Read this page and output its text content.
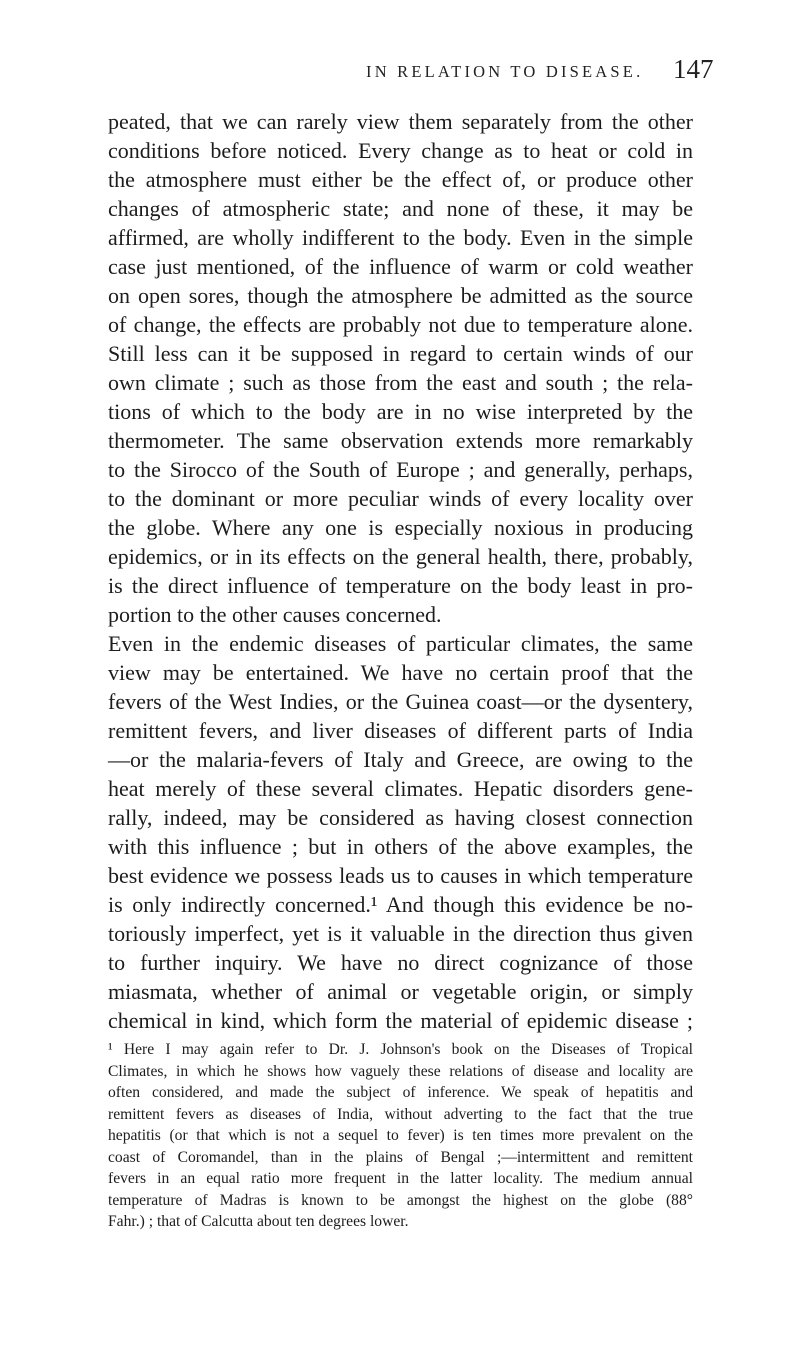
IN RELATION TO DISEASE. 147
peated, that we can rarely view them separately from the other
conditions before noticed. Every change as to heat or cold in
the atmosphere must either be the effect of, or produce other
changes of atmospheric state; and none of these, it may be
affirmed, are wholly indifferent to the body. Even in the simple
case just mentioned, of the influence of warm or cold weather
on open sores, though the atmosphere be admitted as the source
of change, the effects are probably not due to temperature alone.
Still less can it be supposed in regard to certain winds of our
own climate ; such as those from the east and south ; the rela-
tions of which to the body are in no wise interpreted by the
thermometer. The same observation extends more remarkably
to the Sirocco of the South of Europe ; and generally, perhaps,
to the dominant or more peculiar winds of every locality over
the globe. Where any one is especially noxious in producing
epidemics, or in its effects on the general health, there, probably,
is the direct influence of temperature on the body least in pro-
portion to the other causes concerned.
Even in the endemic diseases of particular climates, the same
view may be entertained. We have no certain proof that the
fevers of the West Indies, or the Guinea coast—or the dysentery,
remittent fevers, and liver diseases of different parts of India
—or the malaria-fevers of Italy and Greece, are owing to the
heat merely of these several climates. Hepatic disorders gene-
rally, indeed, may be considered as having closest connection
with this influence ; but in others of the above examples, the
best evidence we possess leads us to causes in which temperature
is only indirectly concerned.¹ And though this evidence be no-
toriously imperfect, yet is it valuable in the direction thus given
to further inquiry. We have no direct cognizance of those
miasmata, whether of animal or vegetable origin, or simply
chemical in kind, which form the material of epidemic disease ;
¹ Here I may again refer to Dr. J. Johnson's book on the Diseases of Tropical
Climates, in which he shows how vaguely these relations of disease and locality are
often considered, and made the subject of inference. We speak of hepatitis and
remittent fevers as diseases of India, without adverting to the fact that the true
hepatitis (or that which is not a sequel to fever) is ten times more prevalent on the
coast of Coromandel, than in the plains of Bengal ;—intermittent and remittent
fevers in an equal ratio more frequent in the latter locality. The medium annual
temperature of Madras is known to be amongst the highest on the globe (88°
Fahr.) ; that of Calcutta about ten degrees lower.
